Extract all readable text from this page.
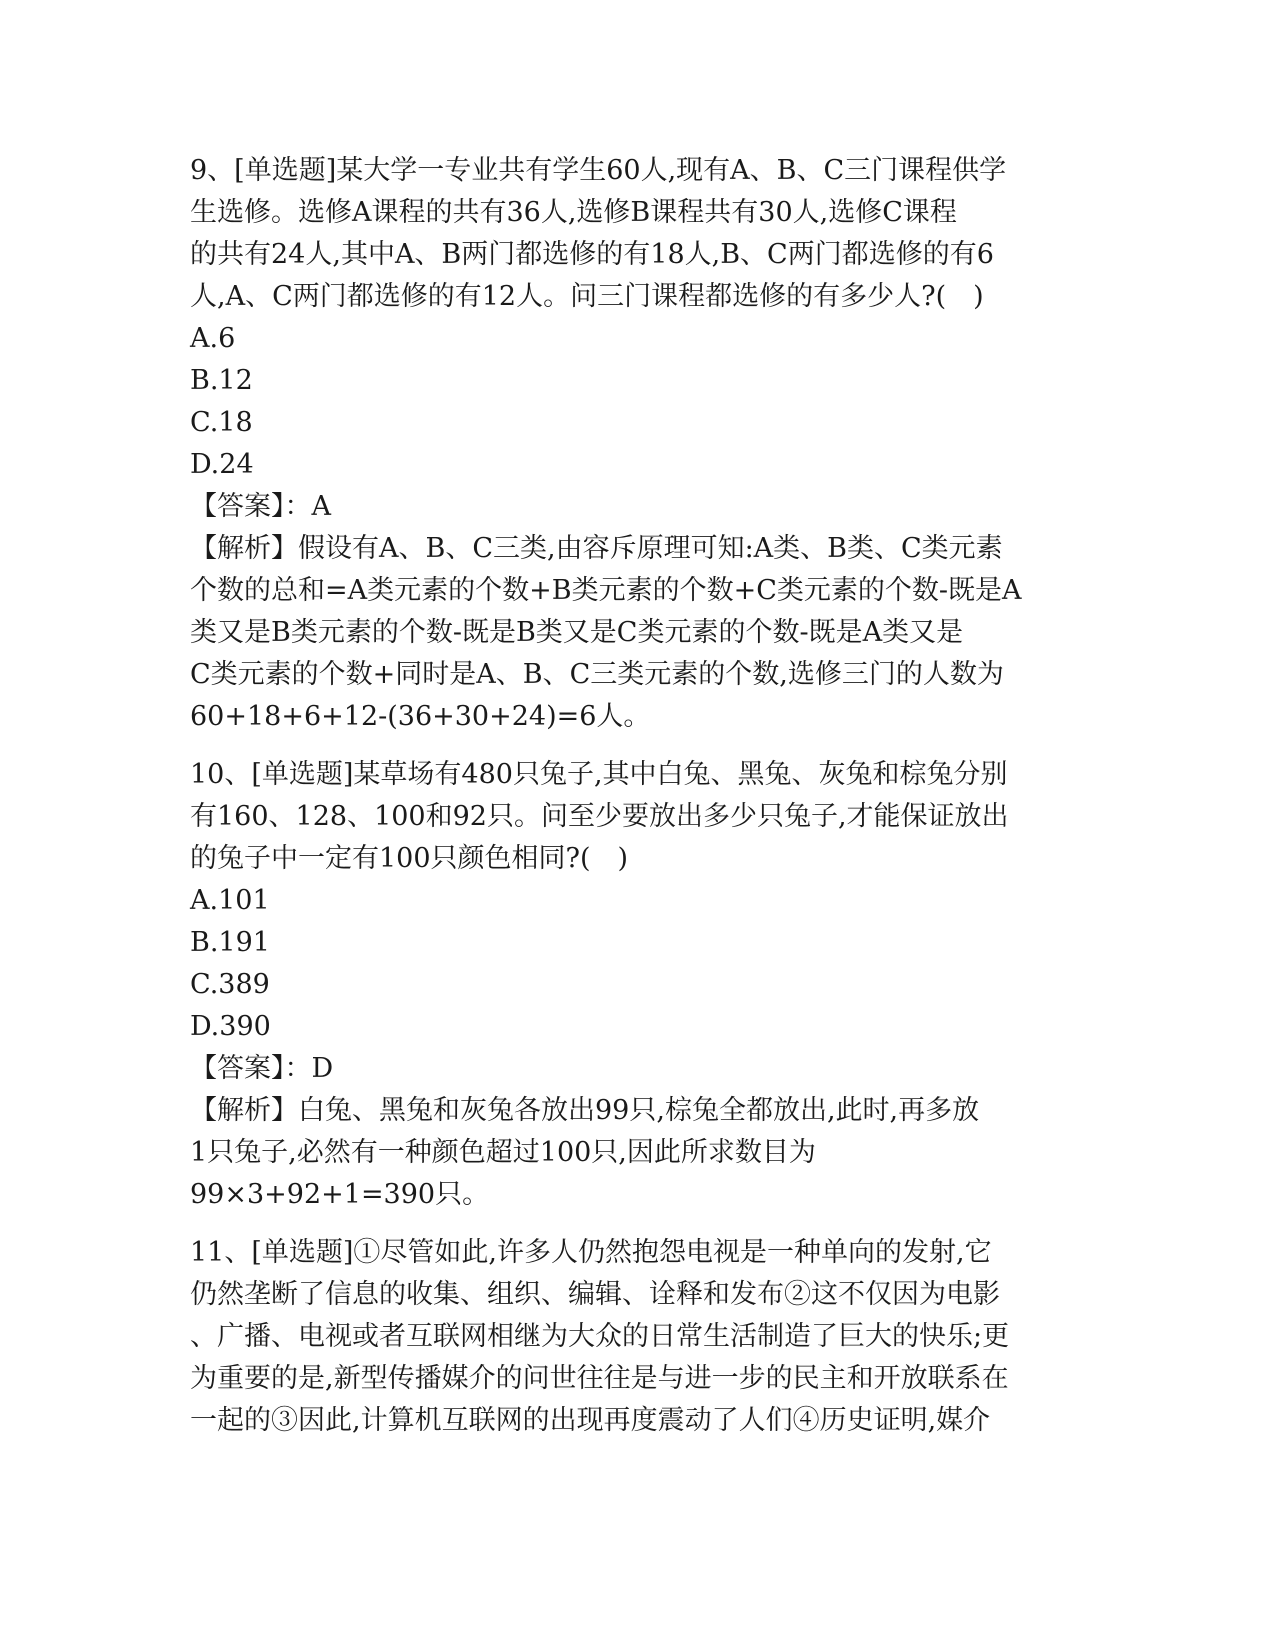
9、[单选题]某大学一专业共有学生60人,现有A、B、C三门课程供学
生选修。选修A课程的共有36人,选修B课程共有30人,选修C课程
的共有24人,其中A、B两门都选修的有18人,B、C两门都选修的有6
人,A、C两门都选修的有12人。问三门课程都选修的有多少人?(　)
A.6
B.12
C.18
D.24
【答案】：A
【解析】假设有A、B、C三类,由容斥原理可知:A类、B类、C类元素
个数的总和=A类元素的个数+B类元素的个数+C类元素的个数-既是A
类又是B类元素的个数-既是B类又是C类元素的个数-既是A类又是
C类元素的个数+同时是A、B、C三类元素的个数,选修三门的人数为
60+18+6+12-(36+30+24)=6人。
10、[单选题]某草场有480只兔子,其中白兔、黑兔、灰兔和棕兔分别
有160、128、100和92只。问至少要放出多少只兔子,才能保证放出
的兔子中一定有100只颜色相同?(　)
A.101
B.191
C.389
D.390
【答案】：D
【解析】白兔、黑兔和灰兔各放出99只,棕兔全都放出,此时,再多放
1只兔子,必然有一种颜色超过100只,因此所求数目为
99×3+92+1=390只。
11、[单选题]①尽管如此,许多人仍然抱怨电视是一种单向的发射,它
仍然垄断了信息的收集、组织、编辑、诠释和发布②这不仅因为电影
、广播、电视或者互联网相继为大众的日常生活制造了巨大的快乐;更
为重要的是,新型传播媒介的问世往往是与进一步的民主和开放联系在
一起的③因此,计算机互联网的出现再度震动了人们④历史证明,媒介
